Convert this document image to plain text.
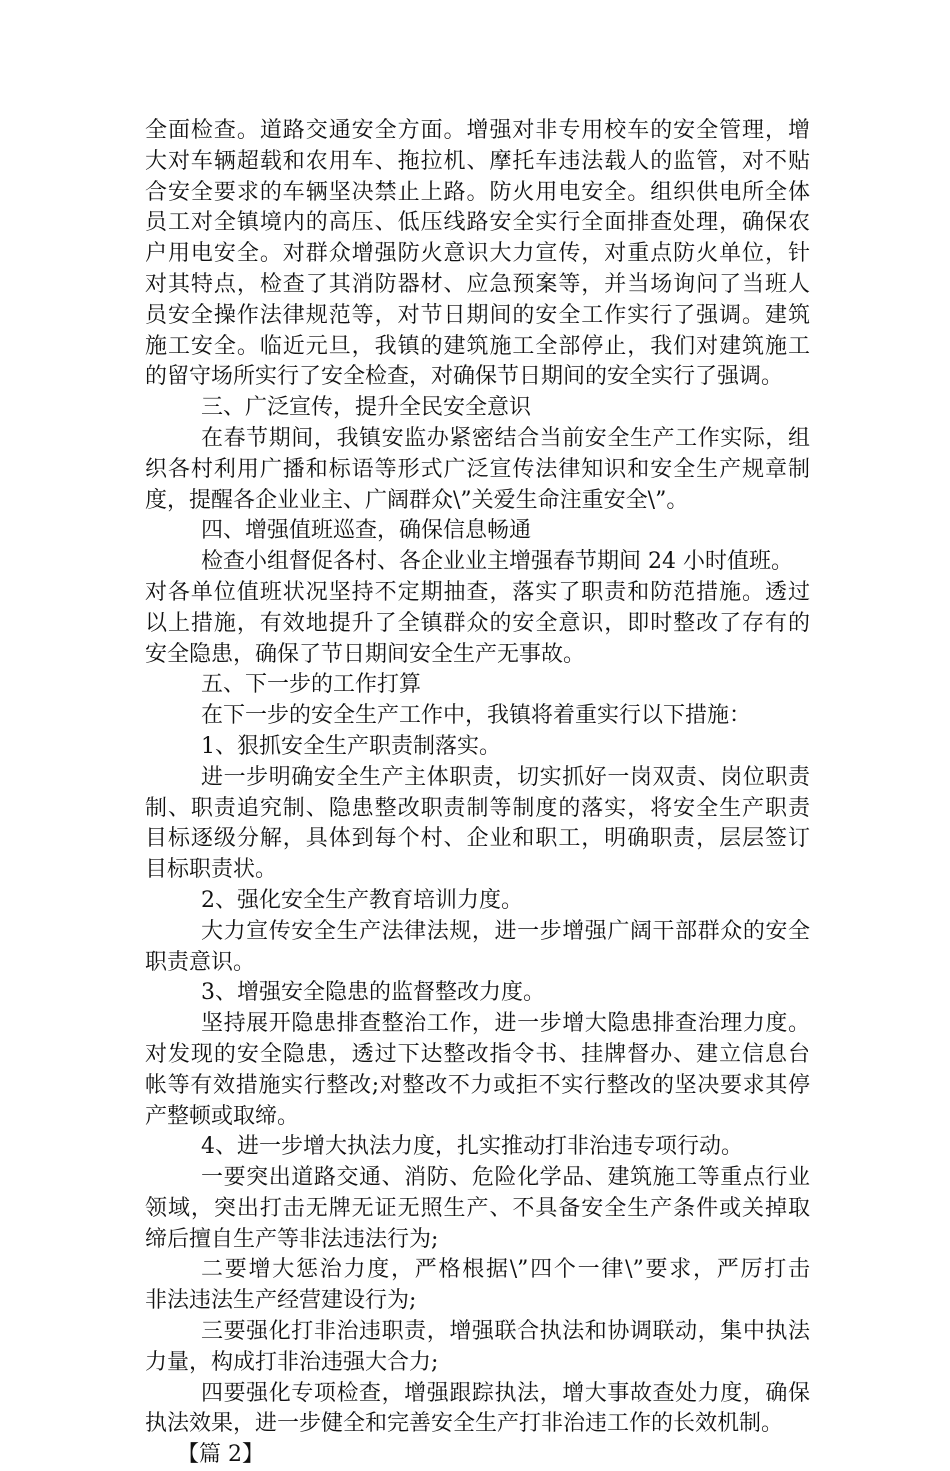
全面检查。道路交通安全方面。增强对非专用校车的安全管理，增
大对车辆超载和农用车、拖拉机、摩托车违法载人的监管，对不贴
合安全要求的车辆坚决禁止上路。防火用电安全。组织供电所全体
员工对全镇境内的高压、低压线路安全实行全面排查处理，确保农
户用电安全。对群众增强防火意识大力宣传，对重点防火单位，针
对其特点，检查了其消防器材、应急预案等，并当场询问了当班人
员安全操作法律规范等，对节日期间的安全工作实行了强调。建筑
施工安全。临近元旦，我镇的建筑施工全部停止，我们对建筑施工
的留守场所实行了安全检查，对确保节日期间的安全实行了强调。
三、广泛宣传，提升全民安全意识
在春节期间，我镇安监办紧密结合当前安全生产工作实际，组
织各村利用广播和标语等形式广泛宣传法律知识和安全生产规章制
度，提醒各企业业主、广阔群众\”关爱生命注重安全\”。
四、增强值班巡查，确保信息畅通
检查小组督促各村、各企业业主增强春节期间 24 小时值班。
对各单位值班状况坚持不定期抽查，落实了职责和防范措施。透过
以上措施，有效地提升了全镇群众的安全意识，即时整改了存有的
安全隐患，确保了节日期间安全生产无事故。
五、下一步的工作打算
在下一步的安全生产工作中，我镇将着重实行以下措施：
1、狠抓安全生产职责制落实。
进一步明确安全生产主体职责，切实抓好一岗双责、岗位职责
制、职责追究制、隐患整改职责制等制度的落实，将安全生产职责
目标逐级分解，具体到每个村、企业和职工，明确职责，层层签订
目标职责状。
2、强化安全生产教育培训力度。
大力宣传安全生产法律法规，进一步增强广阔干部群众的安全
职责意识。
3、增强安全隐患的监督整改力度。
坚持展开隐患排查整治工作，进一步增大隐患排查治理力度。
对发现的安全隐患，透过下达整改指令书、挂牌督办、建立信息台
帐等有效措施实行整改;对整改不力或拒不实行整改的坚决要求其停
产整顿或取缔。
4、进一步增大执法力度，扎实推动打非治违专项行动。
一要突出道路交通、消防、危险化学品、建筑施工等重点行业
领域，突出打击无牌无证无照生产、不具备安全生产条件或关掉取
缔后擅自生产等非法违法行为;
二要增大惩治力度，严格根据\”四个一律\”要求，严厉打击
非法违法生产经营建设行为;
三要强化打非治违职责，增强联合执法和协调联动，集中执法
力量，构成打非治违强大合力;
四要强化专项检查，增强跟踪执法，增大事故查处力度，确保
执法效果，进一步健全和完善安全生产打非治违工作的长效机制。
【篇 2】
